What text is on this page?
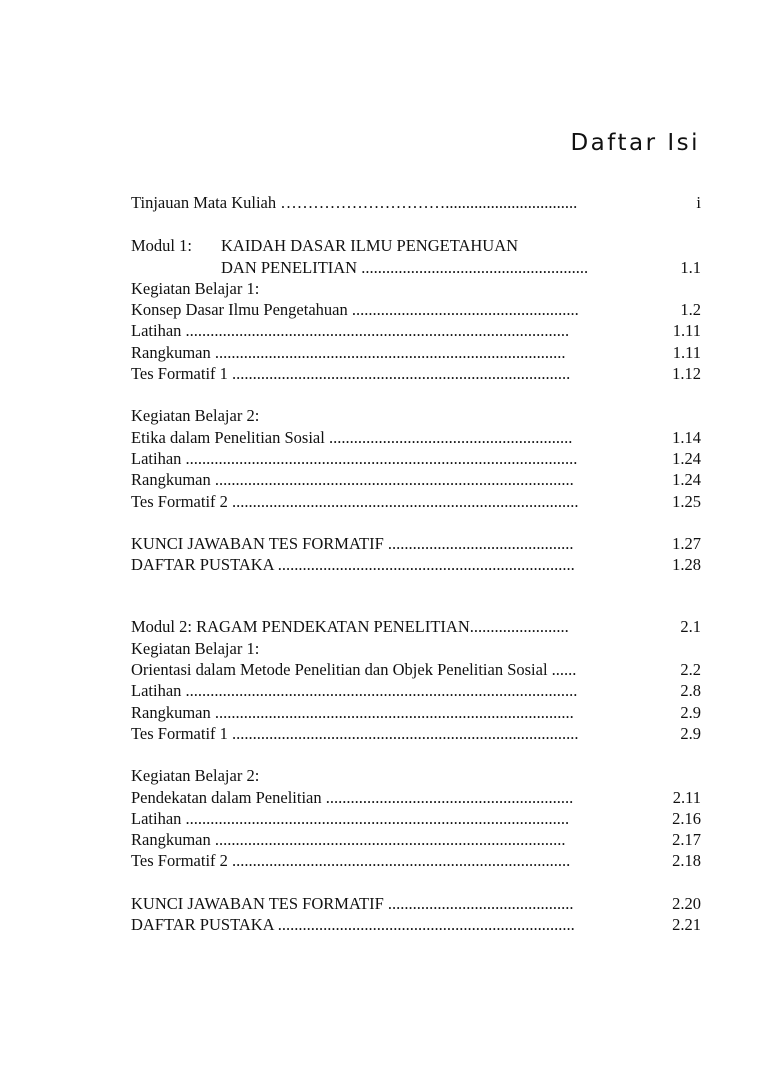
Daftar Isi
Tinjauan Mata Kuliah …………………………................................	i
Modul 1: KAIDAH DASAR ILMU PENGETAHUAN
DAN PENELITIAN .......................................................	1.1
Kegiatan Belajar 1:
Konsep Dasar Ilmu Pengetahuan .......................................................	1.2
Latihan .............................................................................................	1.11
Rangkuman .....................................................................................	1.11
Tes Formatif 1 ..................................................................................	1.12
Kegiatan Belajar 2:
Etika dalam Penelitian Sosial ...........................................................	1.14
Latihan ...............................................................................................	1.24
Rangkuman .......................................................................................	1.24
Tes Formatif 2 ....................................................................................	1.25
KUNCI JAWABAN TES FORMATIF .............................................	1.27
DAFTAR PUSTAKA ........................................................................	1.28
Modul 2: RAGAM PENDEKATAN PENELITIAN........................	2.1
Kegiatan Belajar 1:
Orientasi dalam Metode Penelitian dan Objek Penelitian Sosial ......	2.2
Latihan ...............................................................................................	2.8
Rangkuman .......................................................................................	2.9
Tes Formatif 1 ....................................................................................	2.9
Kegiatan Belajar 2:
Pendekatan dalam Penelitian ............................................................	2.11
Latihan .............................................................................................	2.16
Rangkuman .....................................................................................	2.17
Tes Formatif 2 ..................................................................................	2.18
KUNCI JAWABAN TES FORMATIF .............................................	2.20
DAFTAR PUSTAKA ........................................................................	2.21
